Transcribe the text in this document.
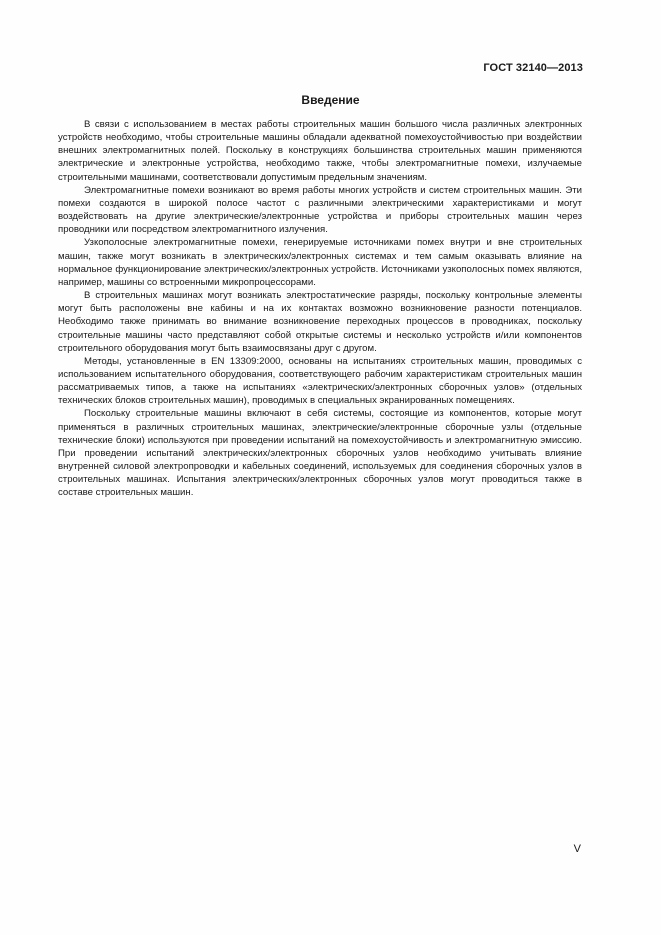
ГОСТ 32140—2013
Введение

В связи с использованием в местах работы строительных машин большого числа различных электронных устройств необходимо, чтобы строительные машины обладали адекватной помехоустойчивостью при воздействии внешних электромагнитных полей. Поскольку в конструкциях большинства строительных машин применяются электрические и электронные устройства, необходимо также, чтобы электромагнитные помехи, излучаемые строительными машинами, соответствовали допустимым предельным значениям.

Электромагнитные помехи возникают во время работы многих устройств и систем строительных машин. Эти помехи создаются в широкой полосе частот с различными электрическими характеристиками и могут воздействовать на другие электрические/электронные устройства и приборы строительных машин через проводники или посредством электромагнитного излучения.

Узкополосные электромагнитные помехи, генерируемые источниками помех внутри и вне строительных машин, также могут возникать в электрических/электронных системах и тем самым оказывать влияние на нормальное функционирование электрических/электронных устройств. Источниками узкополосных помех являются, например, машины со встроенными микропроцессорами.

В строительных машинах могут возникать электростатические разряды, поскольку контрольные элементы могут быть расположены вне кабины и на их контактах возможно возникновение разности потенциалов. Необходимо также принимать во внимание возникновение переходных процессов в проводниках, поскольку строительные машины часто представляют собой открытые системы и несколько устройств и/или компонентов строительного оборудования могут быть взаимосвязаны друг с другом.

Методы, установленные в EN 13309:2000, основаны на испытаниях строительных машин, проводимых с использованием испытательного оборудования, соответствующего рабочим характеристикам строительных машин рассматриваемых типов, а также на испытаниях «электрических/электронных сборочных узлов» (отдельных технических блоков строительных машин), проводимых в специальных экранированных помещениях.

Поскольку строительные машины включают в себя системы, состоящие из компонентов, которые могут применяться в различных строительных машинах, электрические/электронные сборочные узлы (отдельные технические блоки) используются при проведении испытаний на помехоустойчивость и электромагнитную эмиссию. При проведении испытаний электрических/электронных сборочных узлов необходимо учитывать влияние внутренней силовой электропроводки и кабельных соединений, используемых для соединения сборочных узлов в строительных машинах. Испытания электрических/электронных сборочных узлов могут проводиться также в составе строительных машин.

V
